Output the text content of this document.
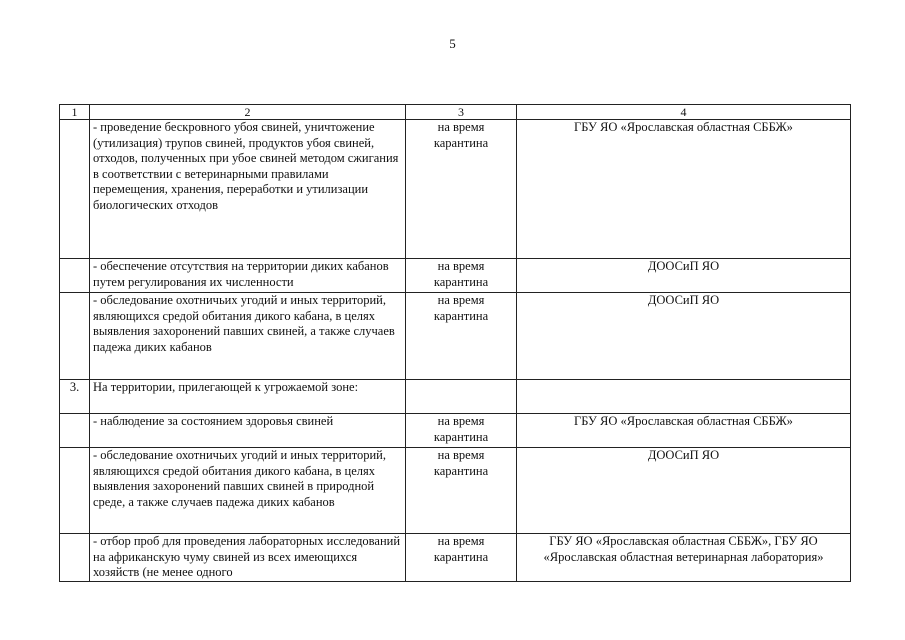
5
1	2	3	4
	- проведение бескровного убоя свиней, уничтожение (утилизация) трупов свиней, продуктов убоя свиней, отходов, полученных при убое свиней методом сжигания в соответствии с ветеринарными правилами перемещения, хранения, переработки и утилизации биологических отходов	на время карантина	ГБУ ЯО «Ярославская областная СББЖ»
	- обеспечение отсутствия на территории диких кабанов путем регулирования их численности	на время карантина	ДООСиП ЯО
	- обследование охотничьих угодий и иных территорий, являющихся средой обитания дикого кабана, в целях выявления захоронений павших свиней, а также случаев падежа диких кабанов	на время карантина	ДООСиП ЯО
3.	На территории, прилегающей к угрожаемой зоне:		
	- наблюдение за состоянием здоровья свиней	на время карантина	ГБУ ЯО «Ярославская областная СББЖ»
	- обследование охотничьих угодий и иных территорий, являющихся средой обитания дикого кабана, в целях выявления захоронений павших свиней в природной среде, а также случаев падежа диких кабанов	на время карантина	ДООСиП ЯО
	- отбор проб для проведения лабораторных исследований на африканскую чуму свиней из всех имеющихся хозяйств (не менее одного	на время карантина	ГБУ ЯО «Ярославская областная СББЖ», ГБУ ЯО «Ярославская областная ветеринарная лаборатория»
